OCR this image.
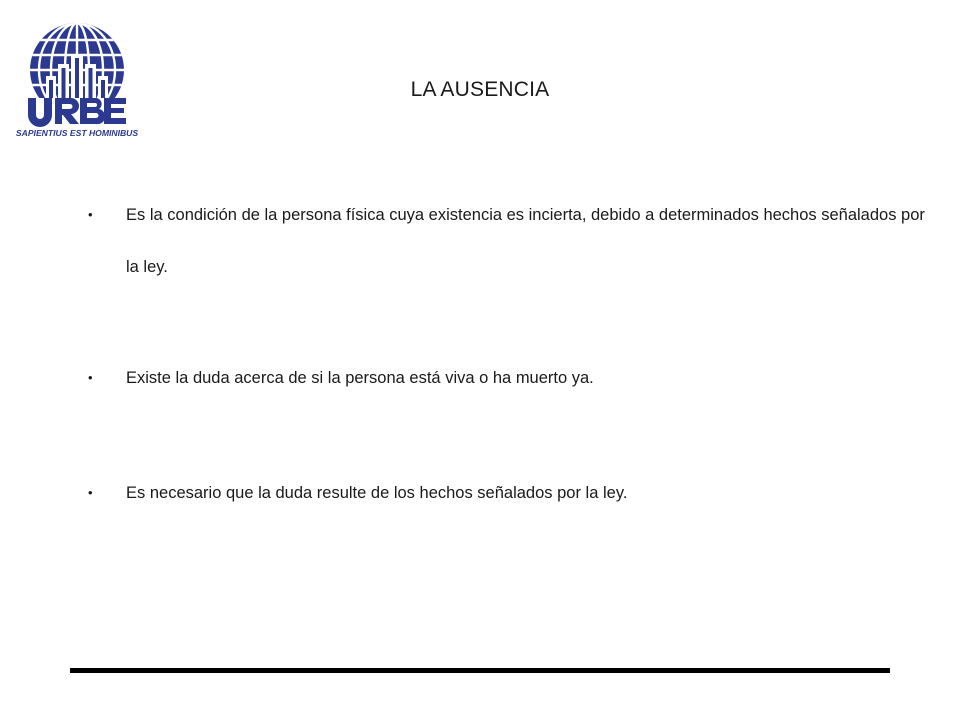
SAPIENTIUS EST HOMINIBUS
LA AUSENCIA
• Es la condición de la persona física cuya existencia es incierta, debido a determinados hechos señalados por la ley.
• Existe la duda acerca de si la persona está viva o ha muerto ya.
• Es necesario que la duda resulte de los hechos señalados por la ley.
